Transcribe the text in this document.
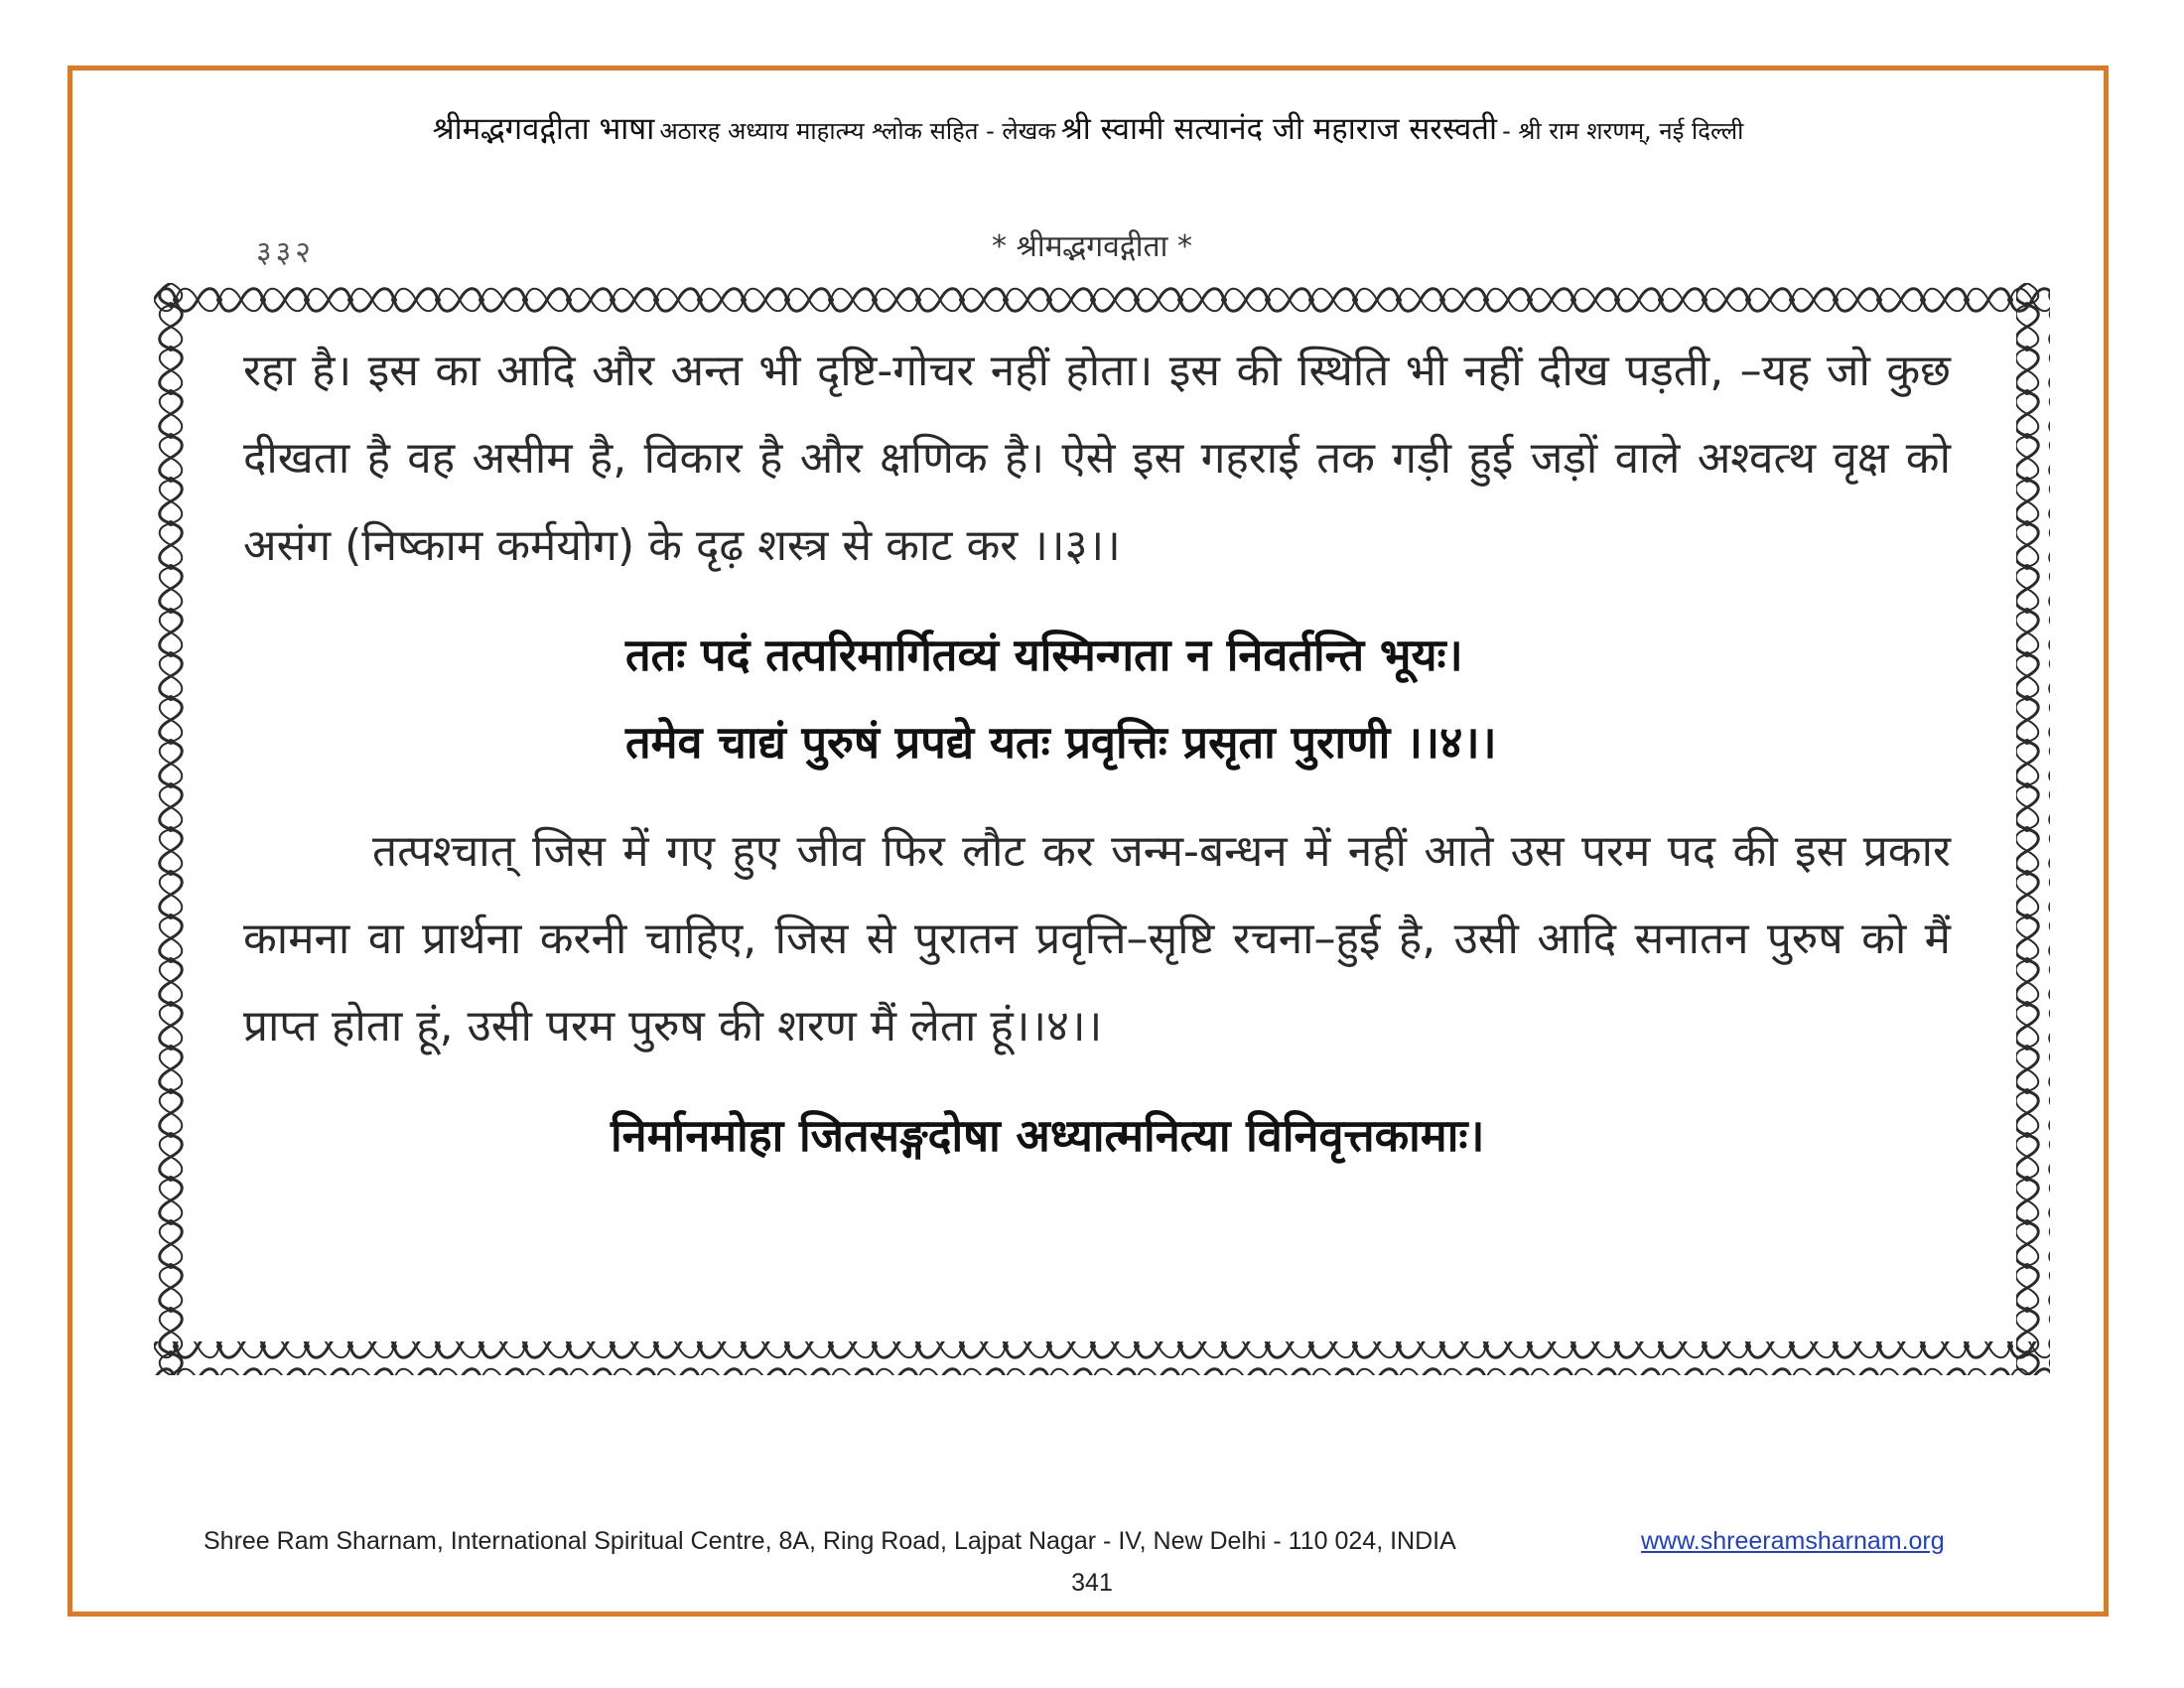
श्रीमद्भगवद्गीता भाषा अठारह अध्याय माहात्म्य श्लोक सहित - लेखक श्री स्वामी सत्यानंद जी महाराज सरस्वती - श्री राम शरणम्, नई दिल्ली
३३२	* श्रीमद्भगवद्गीता *

रहा है। इस का आदि और अन्त भी दृष्टि-गोचर नहीं होता। इस की स्थिति भी नहीं दीख पड़ती, –यह जो कुछ दीखता है वह असीम है, विकार है और क्षणिक है। ऐसे इस गहराई तक गड़ी हुई जड़ों वाले अश्वत्थ वृक्ष को असंग (निष्काम कर्मयोग) के दृढ़ शस्त्र से काट कर ।।३।।

ततः पदं तत्परिमार्गितव्यं यस्मिन्गता न निवर्तन्ति भूयः।

तमेव चाद्यं पुरुषं प्रपद्ये यतः प्रवृत्तिः प्रसृता पुराणी ।।४।।

तत्पश्चात् जिस में गए हुए जीव फिर लौट कर जन्म-बन्धन में नहीं आते उस परम पद की इस प्रकार कामना वा प्रार्थना करनी चाहिए, जिस से पुरातन प्रवृत्ति–सृष्टि रचना–हुई है, उसी आदि सनातन पुरुष को मैं प्राप्त होता हूं, उसी परम पुरुष की शरण मैं लेता हूं।।४।।

निर्मानमोहा जितसङ्गदोषा अध्यात्मनित्या विनिवृत्तकामाः।

Shree Ram Sharnam, International Spiritual Centre, 8A, Ring Road, Lajpat Nagar - IV, New Delhi - 110 024, INDIA	www.shreeramsharnam.org
341
